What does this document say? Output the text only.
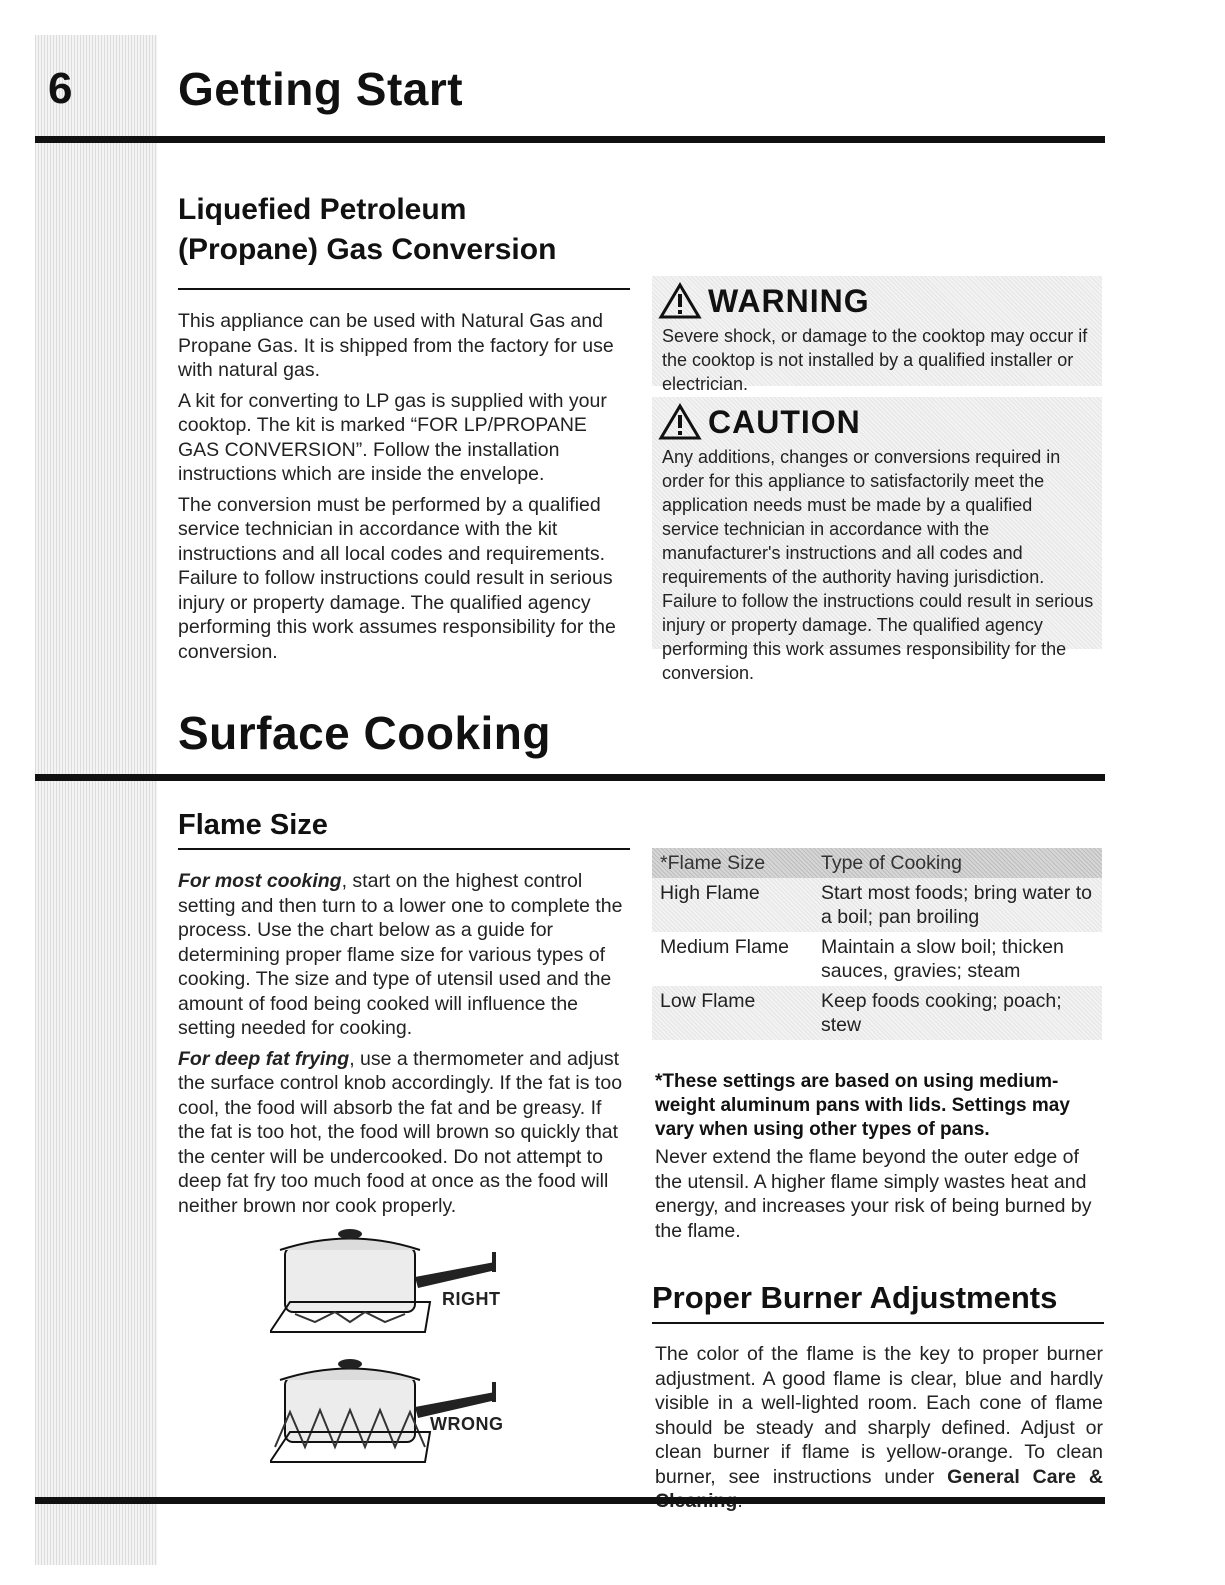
6 Getting Start
Liquefied Petroleum
(Propane) Gas Conversion

This appliance can be used with Natural Gas and Propane Gas. It is shipped from the factory for use with natural gas.

A kit for converting to LP gas is supplied with your cooktop. The kit is marked “FOR LP/PROPANE GAS CONVERSION”. Follow the installation instructions which are inside the envelope.

The conversion must be performed by a qualified service technician in accordance with the kit instructions and all local codes and requirements. Failure to follow instructions could result in serious injury or property damage. The qualified agency performing this work assumes responsibility for the conversion.

WARNING
Severe shock, or damage to the cooktop may occur if the cooktop is not installed by a qualified installer or electrician.
CAUTION
Any additions, changes or conversions required in order for this appliance to satisfactorily meet the application needs must be made by a qualified service technician in accordance with the manufacturer's instructions and all codes and requirements of the authority having jurisdiction. Failure to follow the instructions could result in serious injury or property damage. The qualified agency performing this work assumes responsibility for the conversion.
Surface Cooking
Flame Size

For most cooking, start on the highest control setting and then turn to a lower one to complete the process. Use the chart below as a guide for determining proper flame size for various types of cooking. The size and type of utensil used and the amount of food being cooked will influence the setting needed for cooking.

For deep fat frying, use a thermometer and adjust the surface control knob accordingly. If the fat is too cool, the food will absorb the fat and be greasy. If the fat is too hot, the food will brown so quickly that the center will be undercooked. Do not attempt to deep fat fry too much food at once as the food will neither brown nor cook properly.

*Flame Size	Type of Cooking
High Flame	Start most foods; bring water to a boil; pan broiling
Medium Flame	Maintain a slow boil; thicken sauces, gravies; steam
Low Flame	Keep foods cooking; poach; stew
*These settings are based on using medium-weight aluminum pans with lids. Settings may vary when using other types of pans.
Never extend the flame beyond the outer edge of the utensil. A higher flame simply wastes heat and energy, and increases your risk of being burned by the flame.
RIGHT
WRONG
Proper Burner Adjustments
The color of the flame is the key to proper burner adjustment. A good flame is clear, blue and hardly visible in a well-lighted room. Each cone of flame should be steady and sharply defined. Adjust or clean burner if flame is yellow-orange. To clean burner, see instructions under General Care &
